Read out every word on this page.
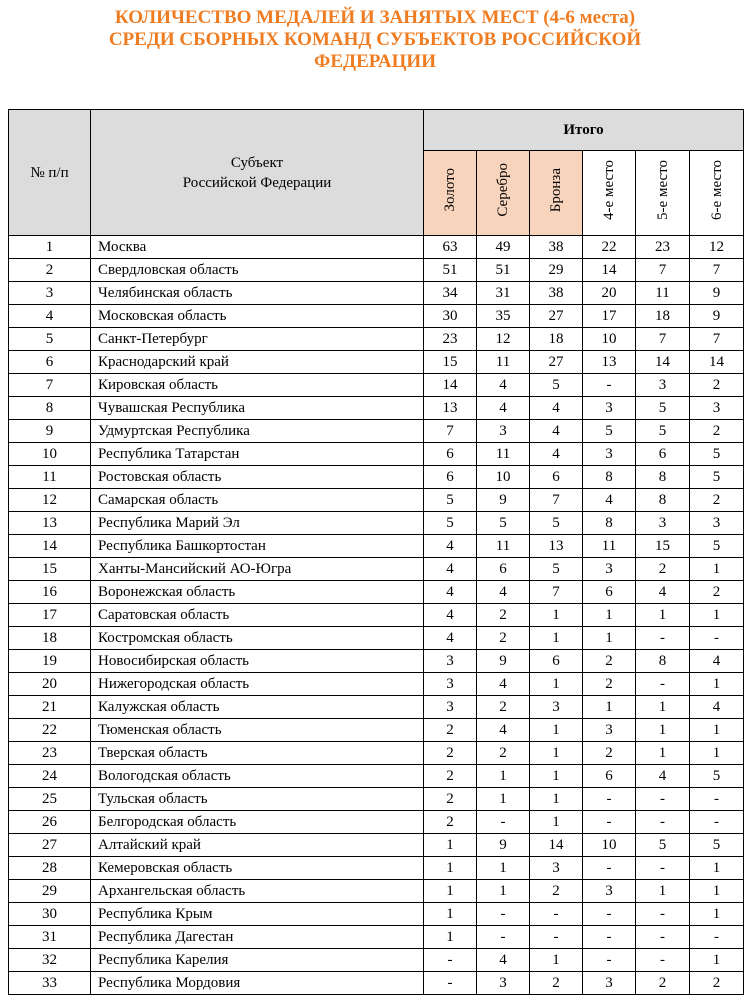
КОЛИЧЕСТВО МЕДАЛЕЙ И ЗАНЯТЫХ МЕСТ (4-6 места)
СРЕДИ СБОРНЫХ КОМАНД СУБЪЕКТОВ РОССИЙСКОЙ
ФЕДЕРАЦИИ
№ п/п	Субъект
Российской Федерации	Итого					
		Золото	Серебро	Бронза	4-е место	5-е место	6-е место
1	Москва	63	49	38	22	23	12
2	Свердловская область	51	51	29	14	7	7
3	Челябинская область	34	31	38	20	11	9
4	Московская область	30	35	27	17	18	9
5	Санкт-Петербург	23	12	18	10	7	7
6	Краснодарский край	15	11	27	13	14	14
7	Кировская область	14	4	5	-	3	2
8	Чувашская Республика	13	4	4	3	5	3
9	Удмуртская Республика	7	3	4	5	5	2
10	Республика Татарстан	6	11	4	3	6	5
11	Ростовская область	6	10	6	8	8	5
12	Самарская область	5	9	7	4	8	2
13	Республика Марий Эл	5	5	5	8	3	3
14	Республика Башкортостан	4	11	13	11	15	5
15	Ханты-Мансийский АО-Югра	4	6	5	3	2	1
16	Воронежская область	4	4	7	6	4	2
17	Саратовская область	4	2	1	1	1	1
18	Костромская область	4	2	1	1	-	-
19	Новосибирская область	3	9	6	2	8	4
20	Нижегородская область	3	4	1	2	-	1
21	Калужская область	3	2	3	1	1	4
22	Тюменская область	2	4	1	3	1	1
23	Тверская область	2	2	1	2	1	1
24	Вологодская область	2	1	1	6	4	5
25	Тульская область	2	1	1	-	-	-
26	Белгородская область	2	-	1	-	-	-
27	Алтайский край	1	9	14	10	5	5
28	Кемеровская область	1	1	3	-	-	1
29	Архангельская область	1	1	2	3	1	1
30	Республика Крым	1	-	-	-	-	1
31	Республика Дагестан	1	-	-	-	-	-
32	Республика Карелия	-	4	1	-	-	1
33	Республика Мордовия	-	3	2	3	2	2
